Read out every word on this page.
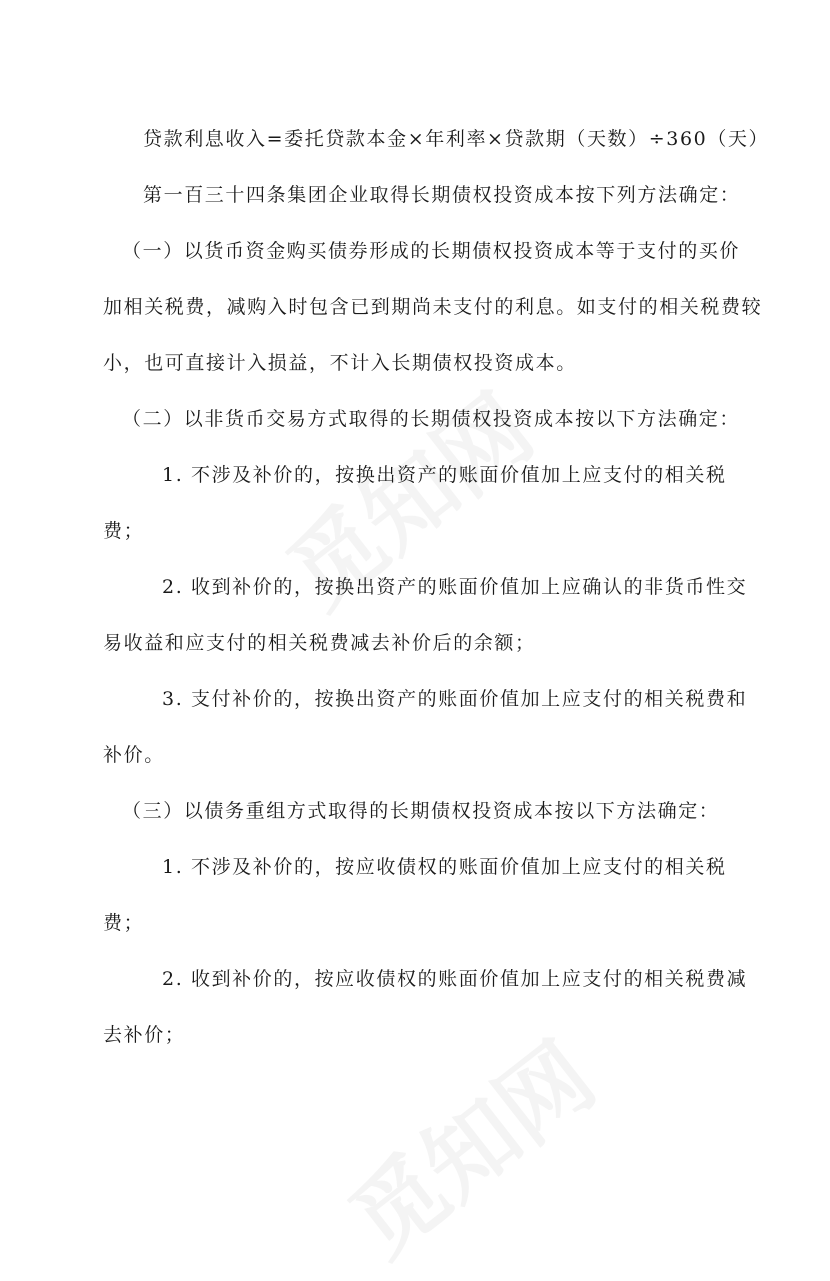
贷款利息收入=委托贷款本金×年利率×贷款期（天数）÷360（天）
第一百三十四条集团企业取得长期债权投资成本按下列方法确定：
（一）以货币资金购买债券形成的长期债权投资成本等于支付的买价
加相关税费，减购入时包含已到期尚未支付的利息。如支付的相关税费较
小，也可直接计入损益，不计入长期债权投资成本。
（二）以非货币交易方式取得的长期债权投资成本按以下方法确定：
1. 不涉及补价的，按换出资产的账面价值加上应支付的相关税
费；
2. 收到补价的，按换出资产的账面价值加上应确认的非货币性交
易收益和应支付的相关税费减去补价后的余额；
3. 支付补价的，按换出资产的账面价值加上应支付的相关税费和
补价。
（三）以债务重组方式取得的长期债权投资成本按以下方法确定：
1. 不涉及补价的，按应收债权的账面价值加上应支付的相关税
费；
2. 收到补价的，按应收债权的账面价值加上应支付的相关税费减
去补价；
